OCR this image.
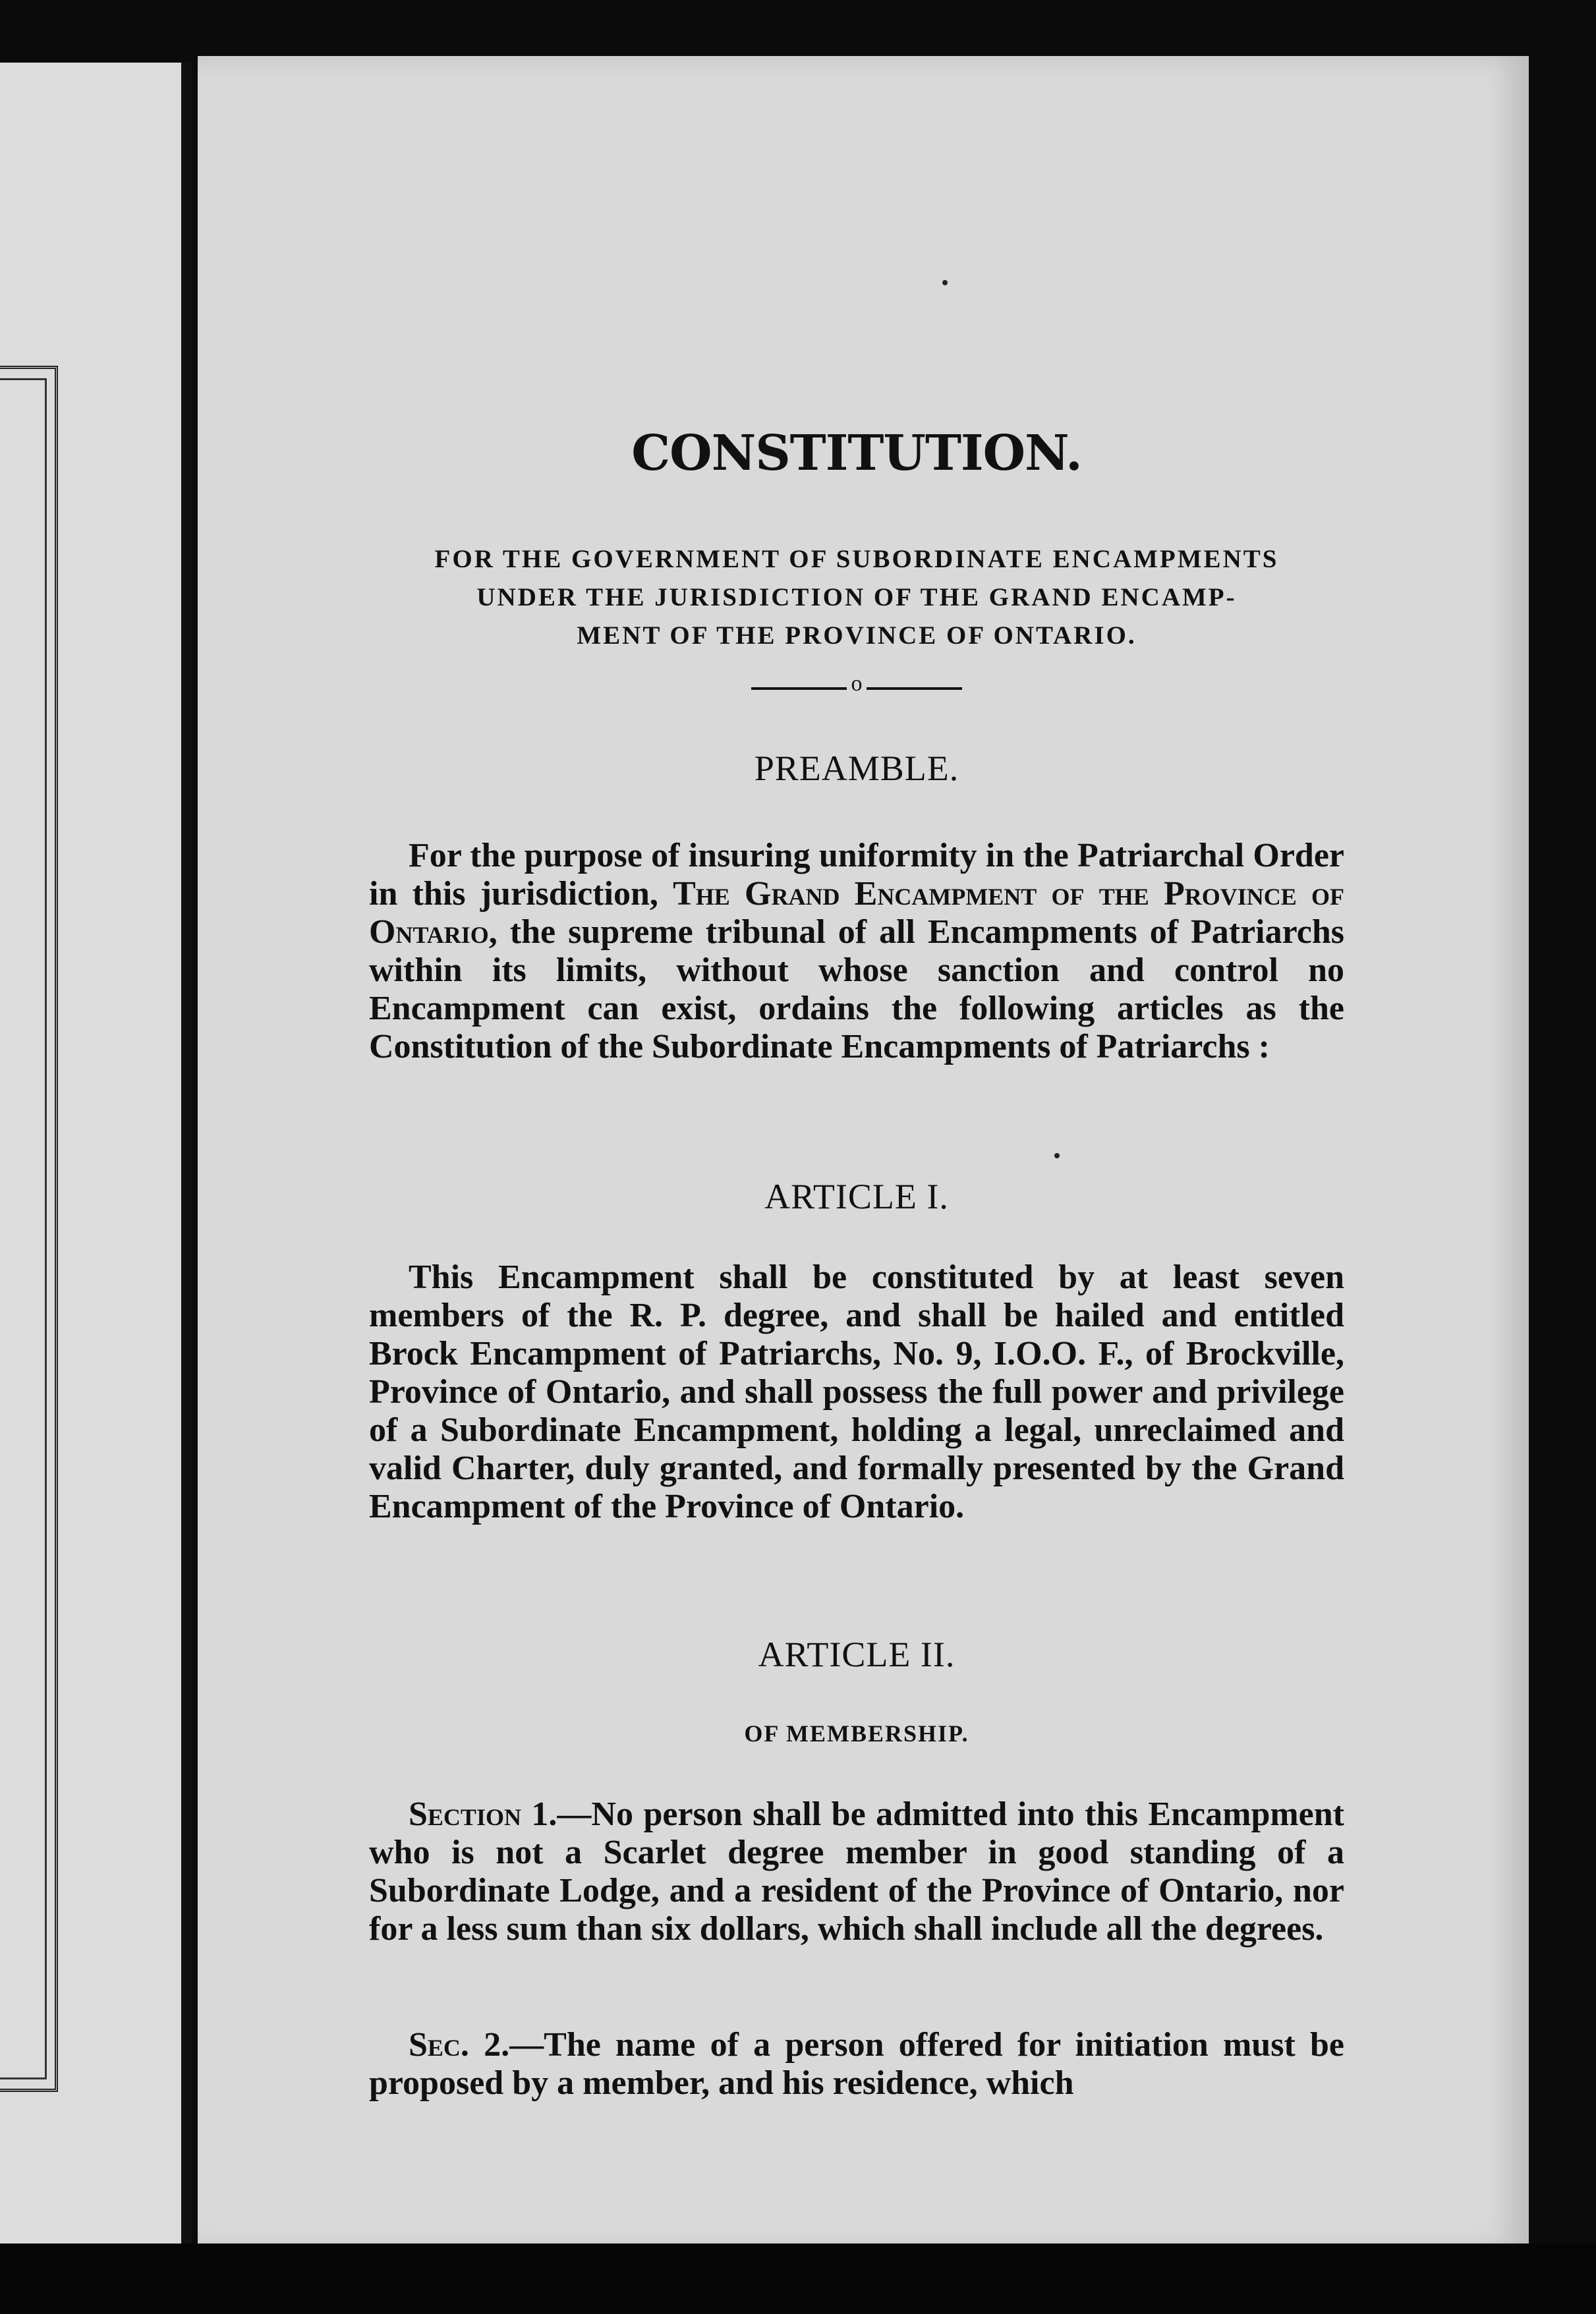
CONSTITUTION.
FOR THE GOVERNMENT OF SUBORDINATE ENCAMPMENTS
UNDER THE JURISDICTION OF THE GRAND ENCAMP-
MENT OF THE PROVINCE OF ONTARIO.
o
PREAMBLE.
For the purpose of insuring uniformity in the Patriarchal Order in this jurisdiction, The Grand Encampment of the Province of Ontario, the supreme tribunal of all Encampments of Patriarchs within its limits, without whose sanction and control no Encampment can exist, ordains the following articles as the Constitution of the Subordinate Encampments of Patriarchs :
ARTICLE I.
This Encampment shall be constituted by at least seven members of the R. P. degree, and shall be hailed and entitled Brock Encampment of Patriarchs, No. 9, I.O.O. F., of Brockville, Province of Ontario, and shall possess the full power and privilege of a Subordinate Encampment, holding a legal, unreclaimed and valid Charter, duly granted, and formally presented by the Grand Encampment of the Province of Ontario.
ARTICLE II.
OF MEMBERSHIP.
Section 1.—No person shall be admitted into this Encampment who is not a Scarlet degree member in good standing of a Subordinate Lodge, and a resident of the Province of Ontario, nor for a less sum than six dollars, which shall include all the degrees.
Sec. 2.—The name of a person offered for initiation must be proposed by a member, and his residence, which
